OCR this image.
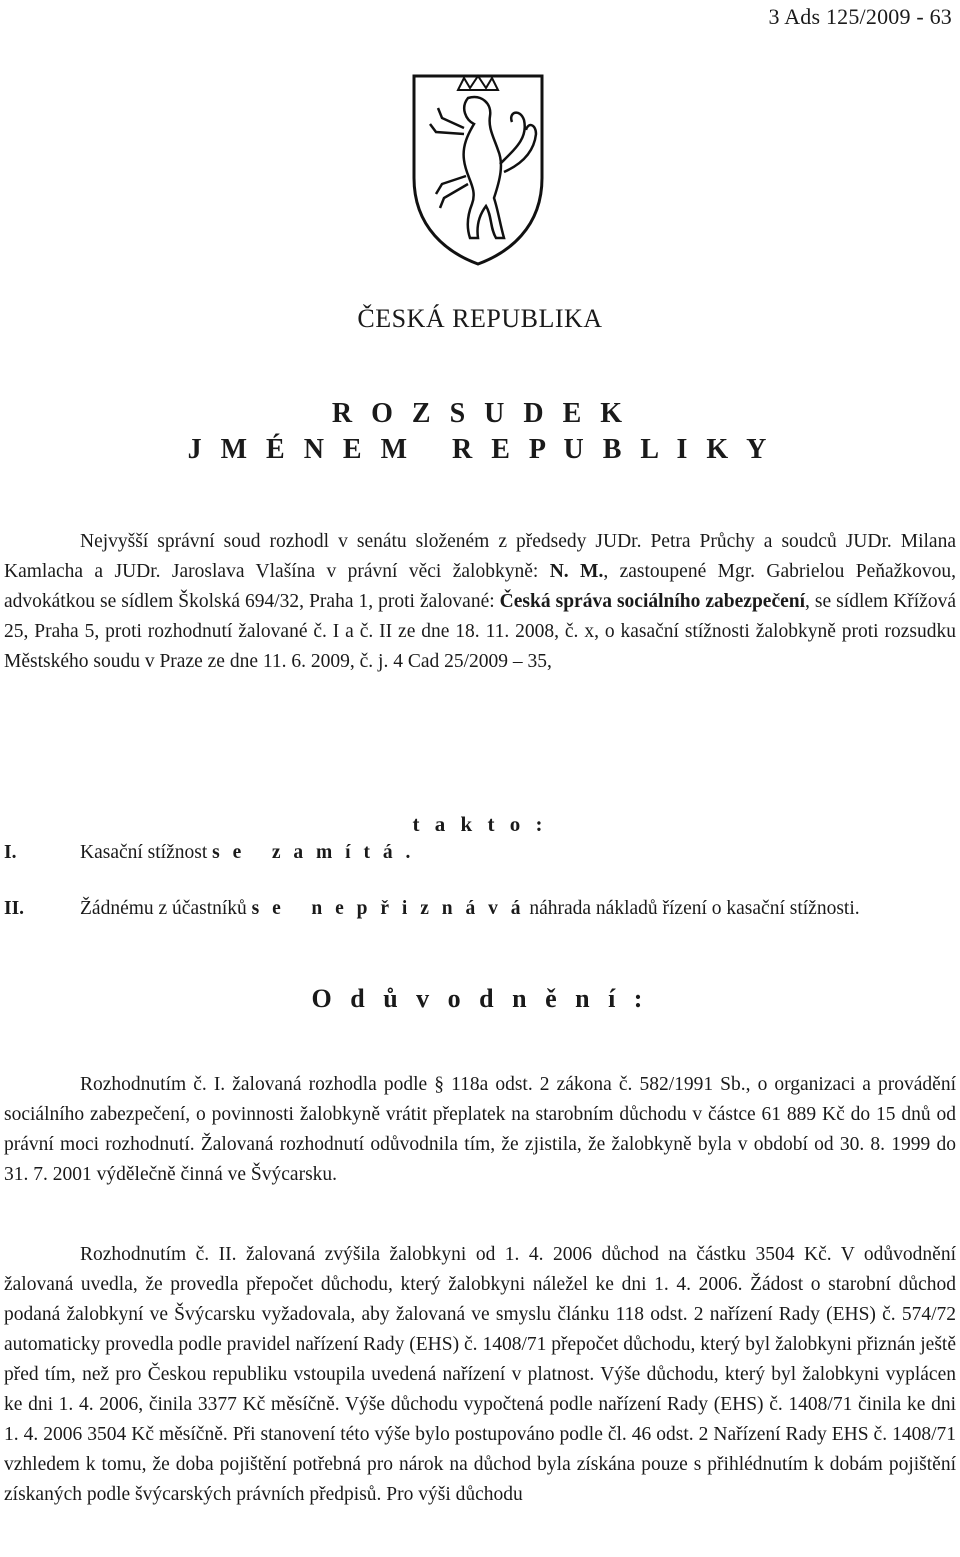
3 Ads 125/2009 - 63
ČESKÁ REPUBLIKA
R O Z S U D E K
J M É N E M   R E P U B L I K Y

Nejvyšší správní soud rozhodl v senátu složeném z předsedy JUDr. Petra Průchy a soudců JUDr. Milana Kamlacha a JUDr. Jaroslava Vlašína v právní věci žalobkyně: N. M., zastoupené Mgr. Gabrielou Peňažkovou, advokátkou se sídlem Školská 694/32, Praha 1, proti žalované: Česká správa sociálního zabezpečení, se sídlem Křížová 25, Praha 5, proti rozhodnutí žalované č. I a č. II ze dne 18. 11. 2008, č. x, o kasační stížnosti žalobkyně proti rozsudku Městského soudu v Praze ze dne 11. 6. 2009, č. j. 4 Cad 25/2009 – 35,

t a k t o :
I.	Kasační stížnost s e   z a m í t á .
II.	Žádnému z účastníků s e   n e p ř i z n á v á náhrada nákladů řízení o kasační stížnosti.
O d ů v o d n ě n í :

Rozhodnutím č. I. žalovaná rozhodla podle § 118a odst. 2 zákona č. 582/1991 Sb., o organizaci a provádění sociálního zabezpečení, o povinnosti žalobkyně vrátit přeplatek na starobním důchodu v částce 61 889 Kč do 15 dnů od právní moci rozhodnutí. Žalovaná rozhodnutí odůvodnila tím, že zjistila, že žalobkyně byla v období od 30. 8. 1999 do 31. 7. 2001 výdělečně činná ve Švýcarsku.

Rozhodnutím č. II. žalovaná zvýšila žalobkyni od 1. 4. 2006 důchod na částku 3504 Kč. V odůvodnění žalovaná uvedla, že provedla přepočet důchodu, který žalobkyni náležel ke dni 1. 4. 2006. Žádost o starobní důchod podaná žalobkyní ve Švýcarsku vyžadovala, aby žalovaná ve smyslu článku 118 odst. 2 nařízení Rady (EHS) č. 574/72 automaticky provedla podle pravidel nařízení Rady (EHS) č. 1408/71 přepočet důchodu, který byl žalobkyni přiznán ještě před tím, než pro Českou republiku vstoupila uvedená nařízení v platnost. Výše důchodu, který byl žalobkyni vyplácen ke dni 1. 4. 2006, činila 3377 Kč měsíčně. Výše důchodu vypočtená podle nařízení Rady (EHS) č. 1408/71 činila ke dni 1. 4. 2006 3504 Kč měsíčně. Při stanovení této výše bylo postupováno podle čl. 46 odst. 2 Nařízení Rady EHS č. 1408/71 vzhledem k tomu, že doba pojištění potřebná pro nárok na důchod byla získána pouze s přihlédnutím k dobám pojištění získaných podle švýcarských právních předpisů. Pro výši důchodu
